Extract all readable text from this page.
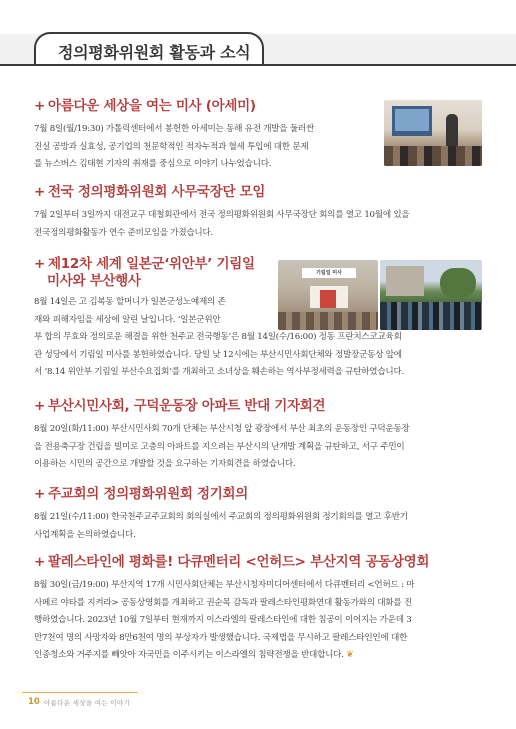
정의평화위원회 활동과 소식
+ 아름다운 세상을 여는 미사 (아세미)
7월 8일(월/19:30) 가톨릭센터에서 봉헌한 아세미는 동해 유전 개발을 둘러싼
진실 공방과 실효성, 공기업의 천문학적인 적자누적과 혈세 투입에 대한 문제
를 뉴스버스 김태현 기자의 취재를 중심으로 이야기 나누었습니다.
+ 전국 정의평화위원회 사무국장단 모임
7월 2일부터 3일까지 대전교구 대철회관에서 전국 정의평화위원회 사무국장단 회의를 열고 10월에 있을
전국정의평화활동가 연수 준비모임을 가졌습니다.
+ 제12차 세계 일본군‘위안부’ 기림일
미사와 부산행사
8월 14일은 고 김복동 할머니가 일본군성노예제의 존
재와 피해자임을 세상에 알린 날입니다. ‘일본군위안
부 합의 무효와 정의로운 해결을 위한 천주교 전국행동’은 8월 14일(수/16:00) 정동 프란치스코교육회
관 성당에서 기림일 미사를 봉헌하였습니다. 당일 낮 12시에는 부산시민사회단체와 정발장군동상 앞에
서 ‘8.14 위안부 기림일 부산수요집회’를 개최하고 소녀상을 훼손하는 역사부정세력을 규탄하였습니다.
기림일 미사
+ 부산시민사회, 구덕운동장 아파트 반대 기자회견
8월 20일(화/11:00) 부산시민사회 70개 단체는 부산시청 앞 광장에서 부산 최초의 운동장인 구덕운동장
을 전용축구장 건립을 빌미로 고층의 아파트를 지으려는 부산시의 난개발 계획을 규탄하고, 서구 주민이
이용하는 시민의 공간으로 개발할 것을 요구하는 기자회견을 하였습니다.
+ 주교회의 정의평화위원회 정기회의
8월 21일(수/11:00) 한국천주교주교회의 회의실에서 주교회의 정의평화위원회 정기회의를 열고 후반기
사업계획을 논의하였습니다.
+ 팔레스타인에 평화를! 다큐멘터리 <언허드> 부산지역 공동상영회
8월 30일(금/19:00) 부산지역 17개 시민사회단체는 부산시청자미디어센터에서 다큐멘터리 <언허드 : 마
사페르 야타를 지켜라> 공동상영회를 개최하고 권순목 감독과 팔레스타인평화연대 활동가와의 대화를 진
행하였습니다. 2023년 10월 7일부터 현재까지 이스라엘의 팔레스타인에 대한 침공이 이어지는 가운데 3
만7천여 명의 사망자와 8만6천여 명의 부상자가 발생했습니다. 국제법을 무시하고 팔레스타인인에 대한
인종청소와 거주지를 빼앗아 자국민을 이주시키는 이스라엘의 침략전쟁을 반대합니다. ❦
10 아름다운 세상을 여는 이야기
